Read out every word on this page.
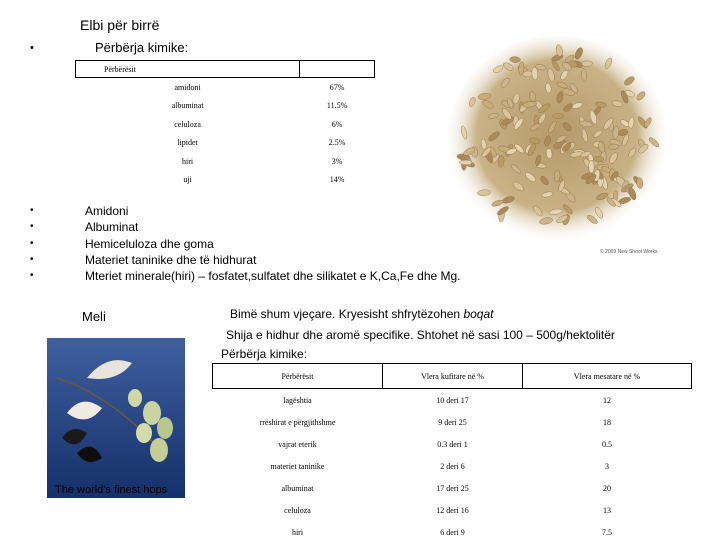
Elbi për birrë
•	Përbërja kimike:
Përbërësit	
amidoni	67%
albuminat	11.5%
celuloza	6%
lipidet	2.5%
hiri	3%
uji	14%
© 2009 New Shoot Works
•	Amidoni
•	Albuminat
•	Hemiceluloza dhe goma
•	Materiet taninike dhe të hidhurat
•	Mteriet minerale(hiri) – fosfatet,sulfatet dhe silikatet e K,Ca,Fe dhe Mg.
Meli	Bimë shum vjeçare. Kryesisht shfrytëzohen boqat
Shija e hidhur dhe aromë specifike. Shtohet në sasi 100 – 500g/hektolitër
Përbërja kimike:
The world's finest hops
Përbërësit	Vlera kufitare në %	Vlera mesatare në %
lagështia	10 deri 17	12
rrëshirat e përgjithshme	9 deri 25	18
vajrat eterik	0.3 deri 1	0.5
materiet taninike	2 deri 6	3
albuminat	17 deri 25	20
celuloza	12 deri 16	13
hiri	6 deri 9	7.5
